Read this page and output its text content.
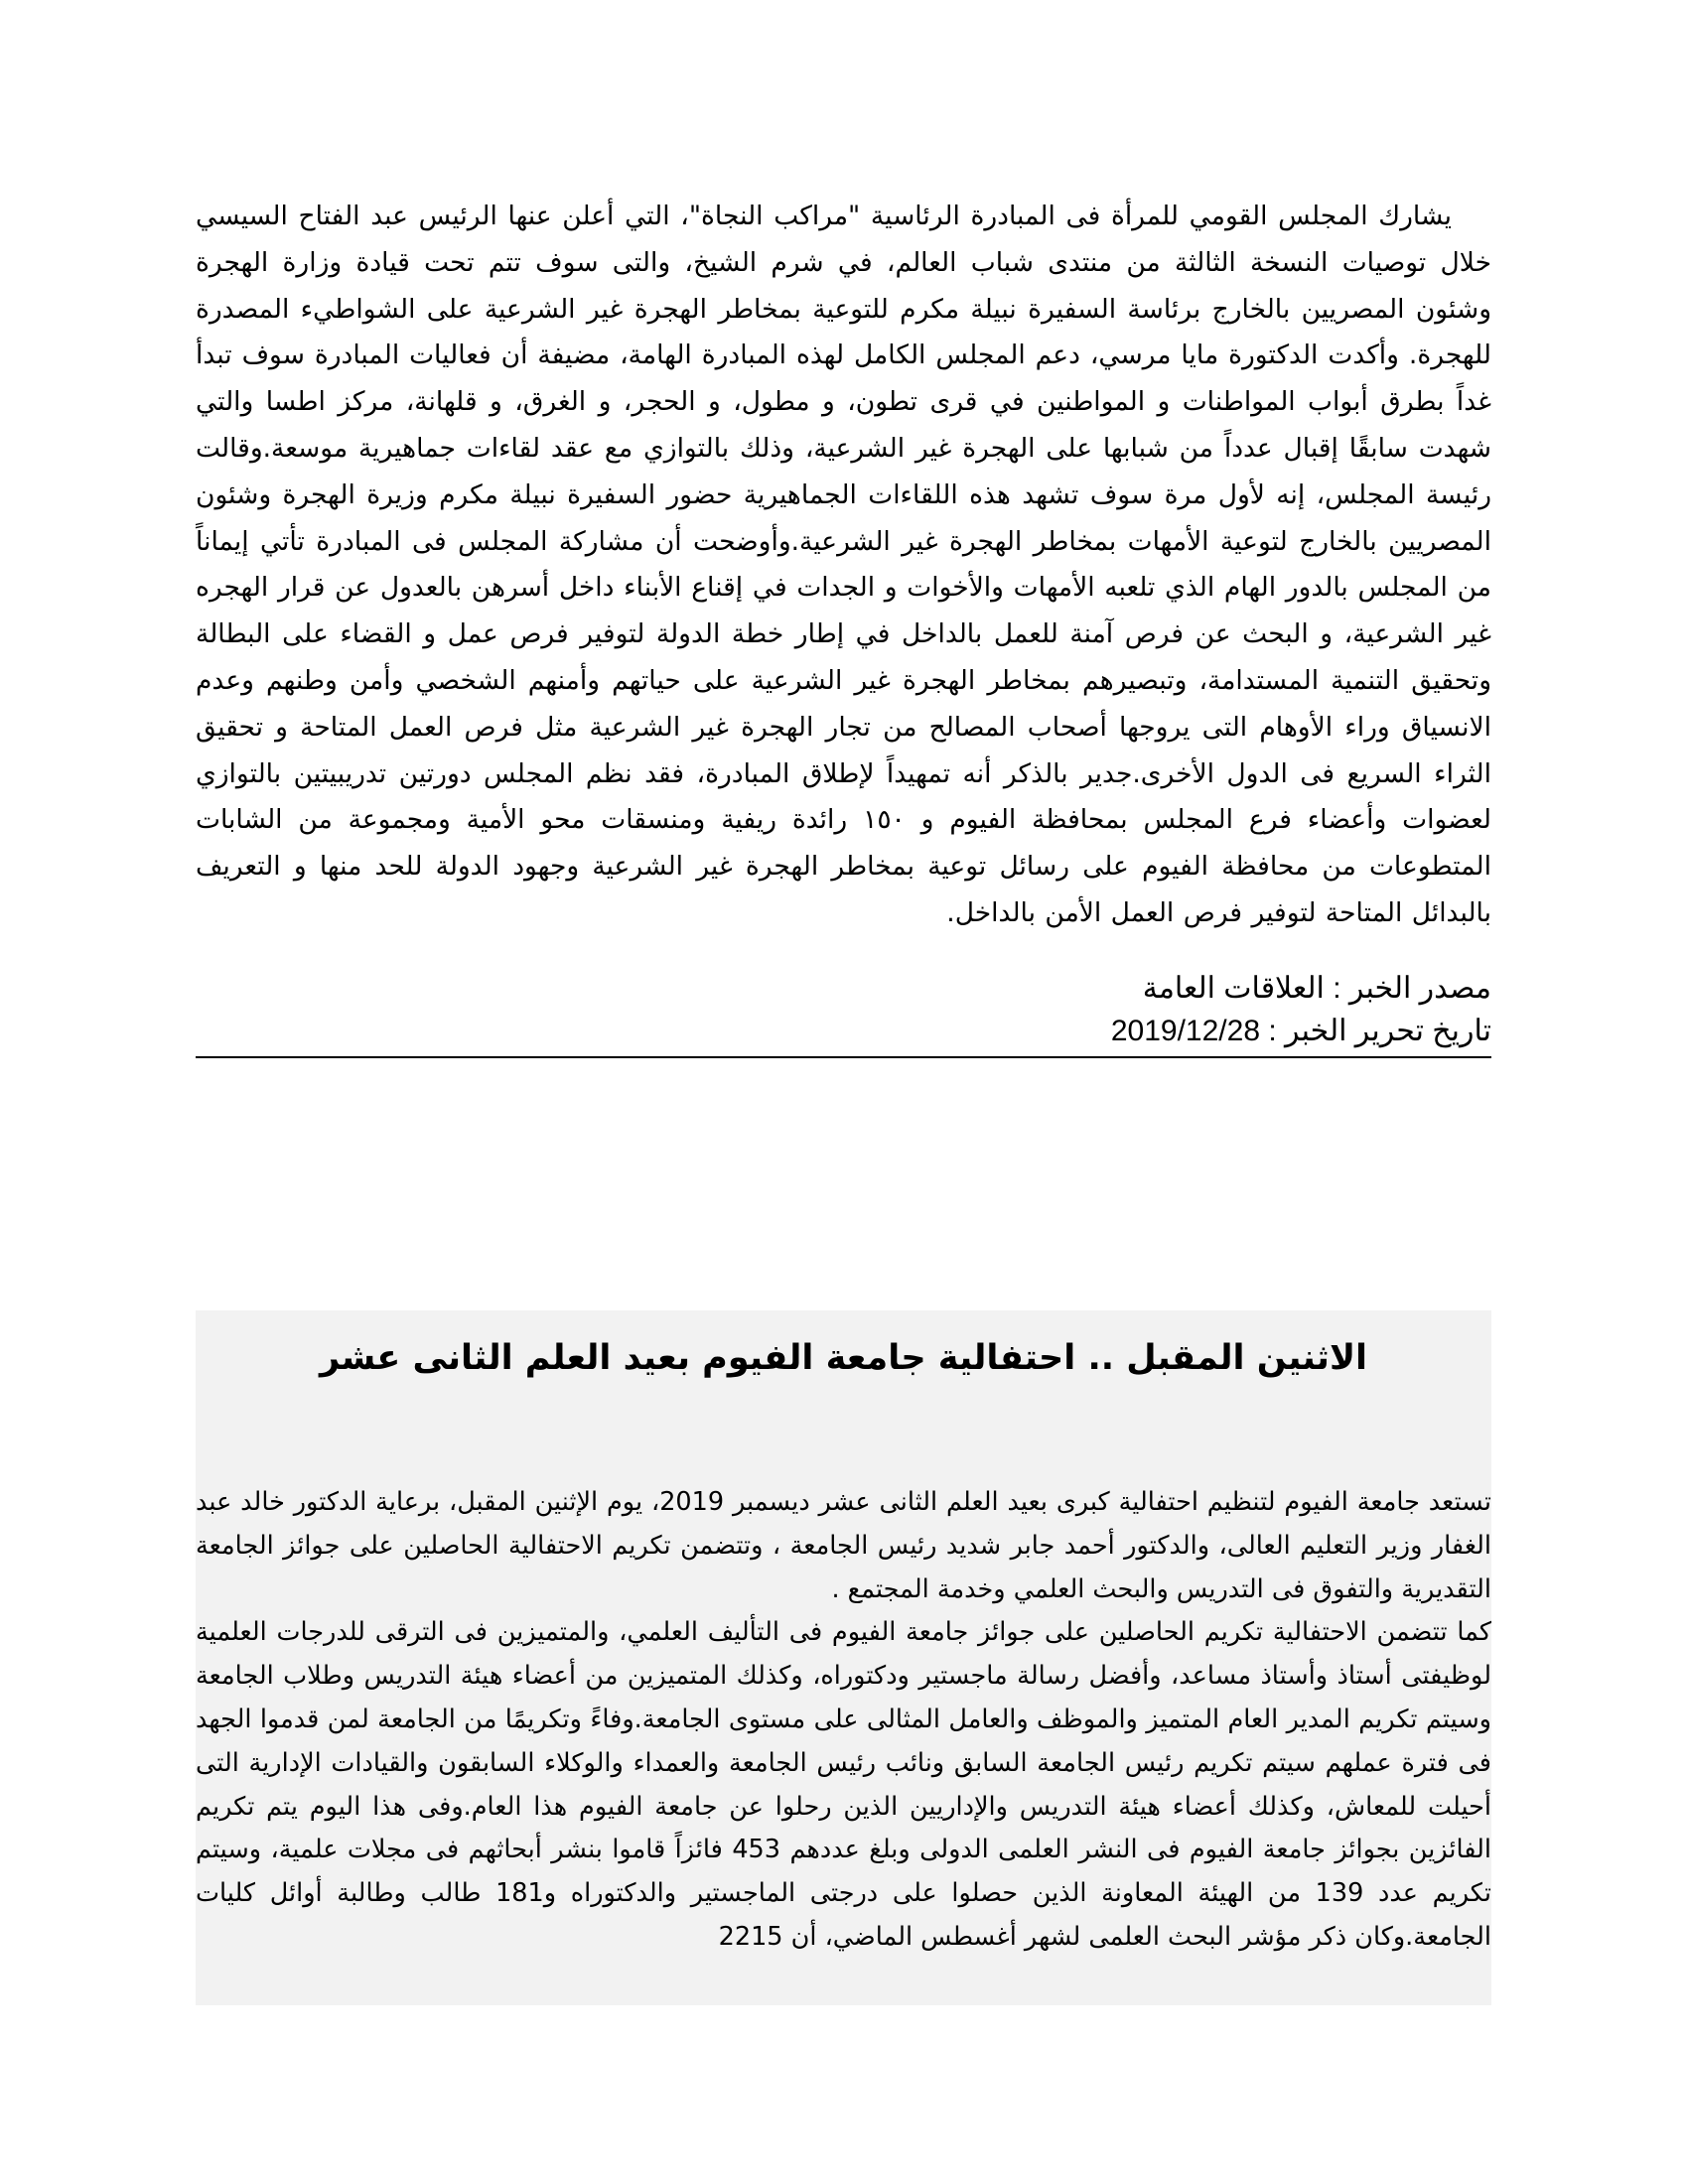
يشارك المجلس القومي للمرأة فى المبادرة الرئاسية "مراكب النجاة"، التي أعلن عنها الرئيس عبد الفتاح السيسي خلال توصيات النسخة الثالثة من منتدى شباب العالم، في شرم الشيخ، والتى سوف تتم تحت قيادة وزارة الهجرة وشئون المصريين بالخارج برئاسة السفيرة نبيلة مكرم للتوعية بمخاطر الهجرة غير الشرعية على الشواطيء المصدرة للهجرة. وأكدت الدكتورة مايا مرسي، دعم المجلس الكامل لهذه المبادرة الهامة، مضيفة أن فعاليات المبادرة سوف تبدأ غداً بطرق أبواب المواطنات و المواطنين في قرى تطون، و مطول، و الحجر، و الغرق، و قلهانة، مركز اطسا والتي شهدت سابقًا إقبال عدداً من شبابها على الهجرة غير الشرعية، وذلك بالتوازي مع عقد لقاءات جماهيرية موسعة.وقالت رئيسة المجلس، إنه لأول مرة سوف تشهد هذه اللقاءات الجماهيرية حضور السفيرة نبيلة مكرم وزيرة الهجرة وشئون المصريين بالخارج لتوعية الأمهات بمخاطر الهجرة غير الشرعية.وأوضحت أن مشاركة المجلس فى المبادرة تأتي إيماناً من المجلس بالدور الهام الذي تلعبه الأمهات والأخوات و الجدات في إقناع الأبناء داخل أسرهن بالعدول عن قرار الهجره غير الشرعية، و البحث عن فرص آمنة للعمل بالداخل في إطار خطة الدولة لتوفير فرص عمل و القضاء على البطالة وتحقيق التنمية المستدامة، وتبصيرهم بمخاطر الهجرة غير الشرعية على حياتهم وأمنهم الشخصي وأمن وطنهم وعدم الانسياق وراء الأوهام التى يروجها أصحاب المصالح من تجار الهجرة غير الشرعية مثل فرص العمل المتاحة و تحقيق الثراء السريع فى الدول الأخرى.جدير بالذكر أنه تمهيداً لإطلاق المبادرة، فقد نظم المجلس دورتين تدريبيتين بالتوازي لعضوات وأعضاء فرع المجلس بمحافظة الفيوم و ١٥٠ رائدة ريفية ومنسقات محو الأمية ومجموعة من الشابات المتطوعات من محافظة الفيوم على رسائل توعية بمخاطر الهجرة غير الشرعية وجهود الدولة للحد منها و التعريف بالبدائل المتاحة لتوفير فرص العمل الأمن بالداخل.

مصدر الخبر : العلاقات العامة
تاريخ تحرير الخبر : 2019/12/28
الاثنين المقبل .. احتفالية جامعة الفيوم بعيد العلم الثانى عشر

تستعد جامعة الفيوم لتنظيم احتفالية كبرى بعيد العلم الثانى عشر ديسمبر 2019، يوم الإثنين المقبل، برعاية الدكتور خالد عبد الغفار وزير التعليم العالى، والدكتور أحمد جابر شديد رئيس الجامعة ، وتتضمن تكريم الاحتفالية الحاصلين على جوائز الجامعة التقديرية والتفوق فى التدريس والبحث العلمي وخدمة المجتمع .

كما تتضمن الاحتفالية تكريم الحاصلين على جوائز جامعة الفيوم فى التأليف العلمي، والمتميزين فى الترقى للدرجات العلمية لوظيفتى أستاذ وأستاذ مساعد، وأفضل رسالة ماجستير ودكتوراه، وكذلك المتميزين من أعضاء هيئة التدريس وطلاب الجامعة وسيتم تكريم المدير العام المتميز والموظف والعامل المثالى على مستوى الجامعة.وفاءً وتكريمًا من الجامعة لمن قدموا الجهد فى فترة عملهم سيتم تكريم رئيس الجامعة السابق ونائب رئيس الجامعة والعمداء والوكلاء السابقون والقيادات الإدارية التى أحيلت للمعاش، وكذلك أعضاء هيئة التدريس والإداريين الذين رحلوا عن جامعة الفيوم هذا العام.وفى هذا اليوم يتم تكريم الفائزين بجوائز جامعة الفيوم فى النشر العلمى الدولى وبلغ عددهم 453 فائزاً قاموا بنشر أبحاثهم فى مجلات علمية، وسيتم تكريم عدد 139 من الهيئة المعاونة الذين حصلوا على درجتى الماجستير والدكتوراه و181 طالب وطالبة أوائل كليات الجامعة.وكان ذكر مؤشر البحث العلمى لشهر أغسطس الماضي، أن 2215
